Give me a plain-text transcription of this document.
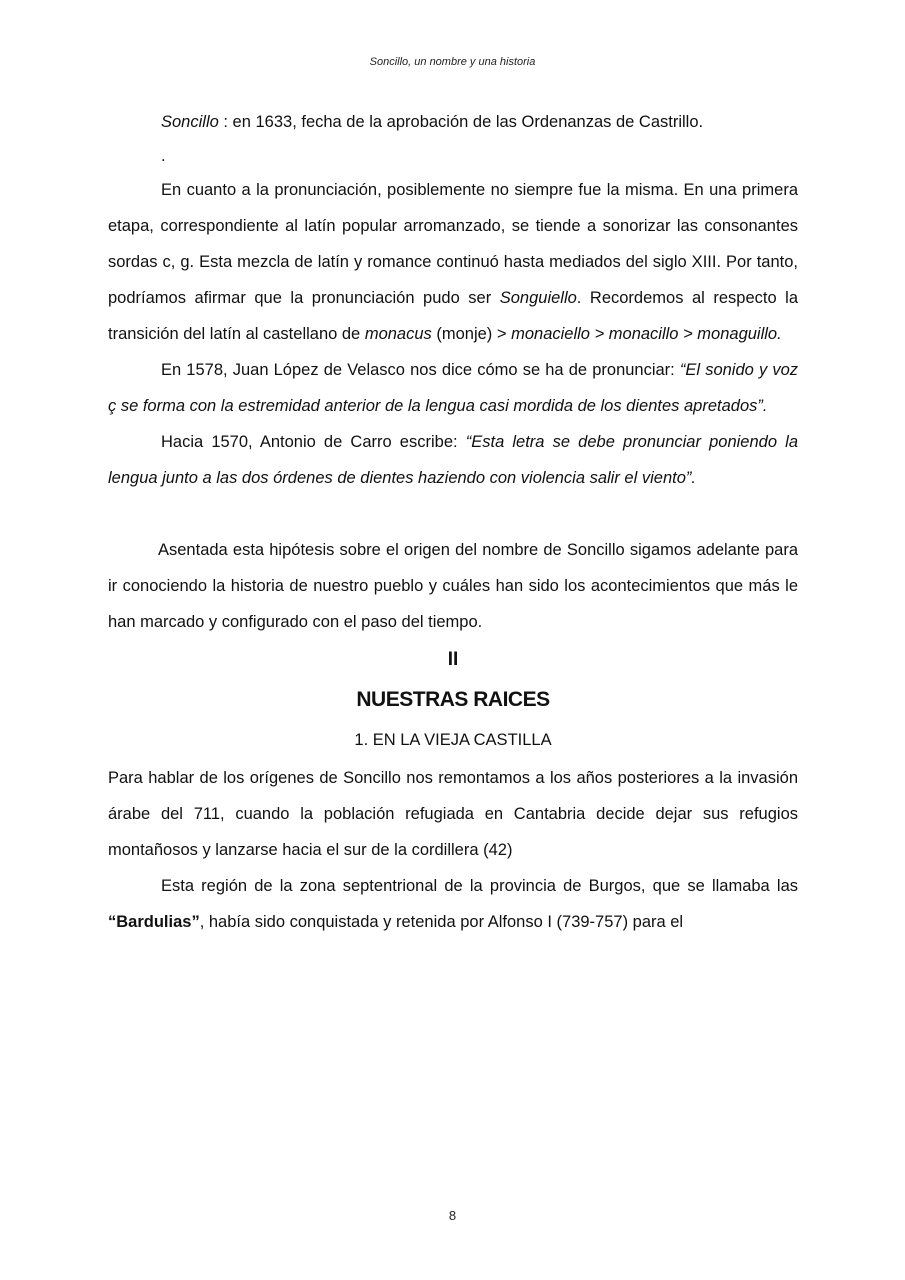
Soncillo, un nombre y una historia

Soncillo : en 1633, fecha de la aprobación de las Ordenanzas de Castrillo.

.

En cuanto a la pronunciación, posiblemente no siempre fue la misma. En una primera etapa, correspondiente al latín popular arromanzado, se tiende a sonorizar las consonantes sordas c, g. Esta mezcla de latín y romance continuó hasta mediados del siglo XIII. Por tanto, podríamos afirmar que la pronunciación pudo ser Songuiello. Recordemos al respecto la transición del latín al castellano de monacus (monje) > monaciello > monacillo > monaguillo.

En 1578, Juan López de Velasco nos dice cómo se ha de pronunciar: “El sonido y voz ç se forma con la estremidad anterior de la lengua casi mordida de los dientes apretados”.

Hacia 1570, Antonio de Carro escribe: “Esta letra se debe pronunciar poniendo la lengua junto a las dos órdenes de dientes haziendo con violencia salir el viento”.

Asentada esta hipótesis sobre el origen del nombre de Soncillo sigamos adelante para ir conociendo la historia de nuestro pueblo y cuáles han sido los acontecimientos que más le han marcado y configurado con el paso del tiempo.

II

NUESTRAS RAICES

1. EN LA VIEJA CASTILLA

Para hablar de los orígenes de Soncillo nos remontamos a los años posteriores a la invasión árabe del 711, cuando la población refugiada en Cantabria decide dejar sus refugios montañosos y lanzarse hacia el sur de la cordillera (42)

Esta región de la zona septentrional de la provincia de Burgos, que se llamaba las “Bardulias”, había sido conquistada y retenida por Alfonso I (739-757) para el

8
